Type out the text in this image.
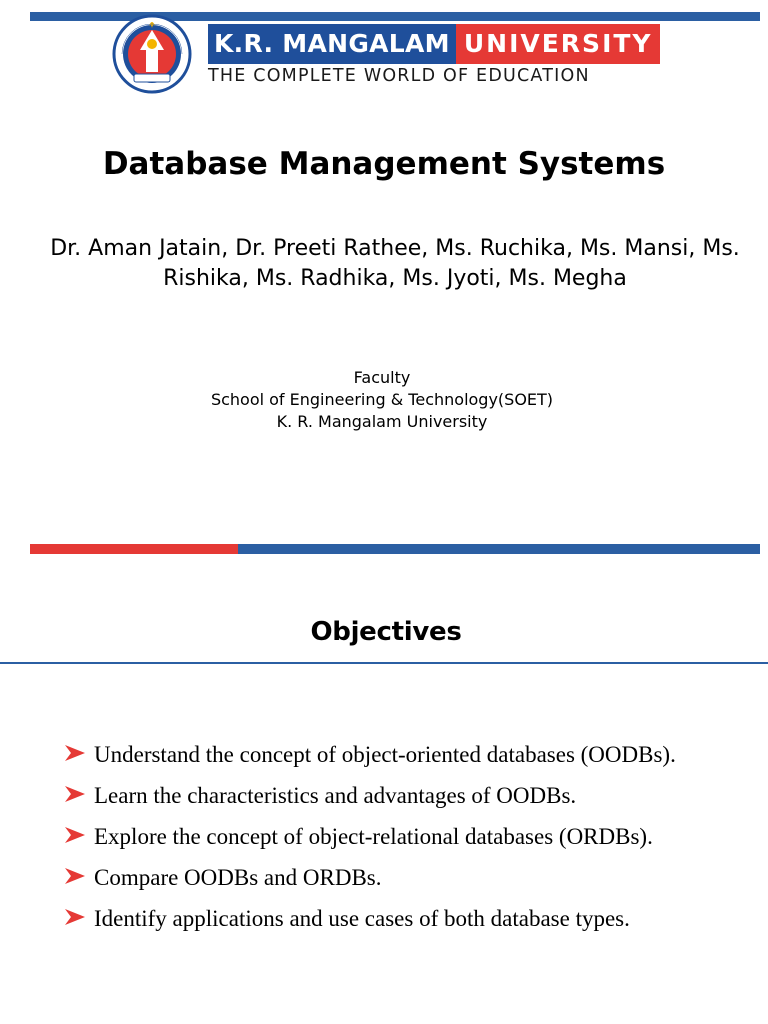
K.R. MANGALAM UNIVERSITY
THE COMPLETE WORLD OF EDUCATION
Database Management Systems
Dr. Aman Jatain, Dr. Preeti Rathee, Ms. Ruchika, Ms. Mansi, Ms. Rishika, Ms. Radhika, Ms. Jyoti, Ms. Megha
Faculty
School of Engineering & Technology(SOET)
K. R. Mangalam University
Objectives
Understand the concept of object-oriented databases (OODBs).
Learn the characteristics and advantages of OODBs.
Explore the concept of object-relational databases (ORDBs).
Compare OODBs and ORDBs.
Identify applications and use cases of both database types.
